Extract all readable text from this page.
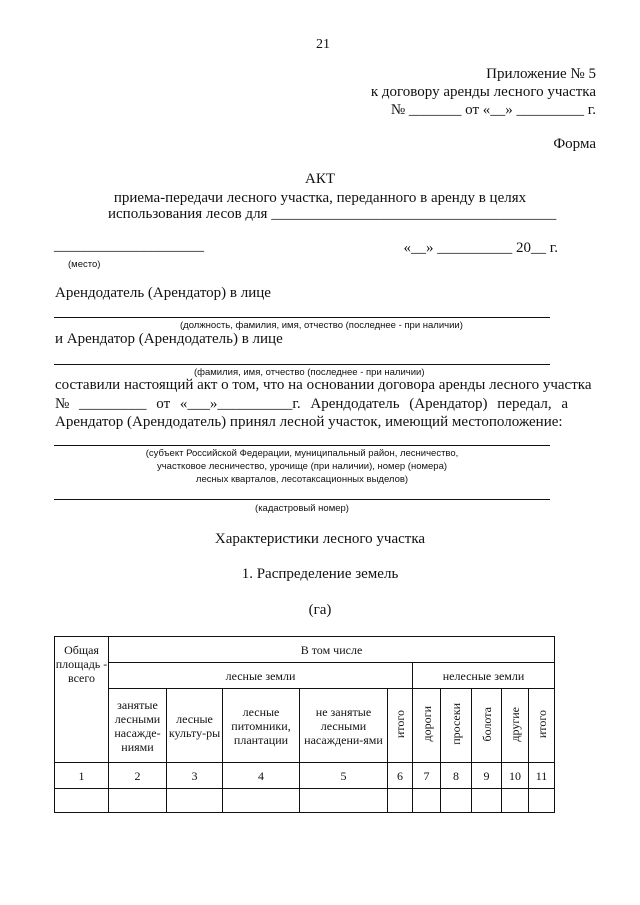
21
Приложение № 5
к договору аренды лесного участка
№ _______ от «__» _________ г.
Форма
АКТ
приема-передачи лесного участка, переданного в аренду в целях
использования лесов для ______________________________________
____________________
(место)
«__» __________ 20__ г.
Арендодатель (Арендатор) в лице
(должность, фамилия, имя, отчество (последнее - при наличии)
и Арендатор (Арендодатель) в лице
(фамилия, имя, отчество (последнее - при наличии)
составили настоящий акт о том, что на основании договора аренды лесного участка
№ _________ от «___»__________г. Арендодатель (Арендатор) передал, а
Арендатор (Арендодатель) принял лесной участок, имеющий местоположение:
(субъект Российской Федерации, муниципальный район, лесничество,
участковое лесничество, урочище (при наличии), номер (номера)
лесных кварталов, лесотаксационных выделов)
(кадастровый номер)
Характеристики лесного участка
1. Распределение земель
(га)
Общая площадь - всего	В том числе									
	лесные земли					нелесные земли				
	занятые лесными насажде-ниями	лесные культу-ры	лесные питомники, плантации	не занятые лесными насаждени-ями	итого	дороги	просеки	болота	другие	итого
1	2	3	4	5	6	7	8	9	10	11
